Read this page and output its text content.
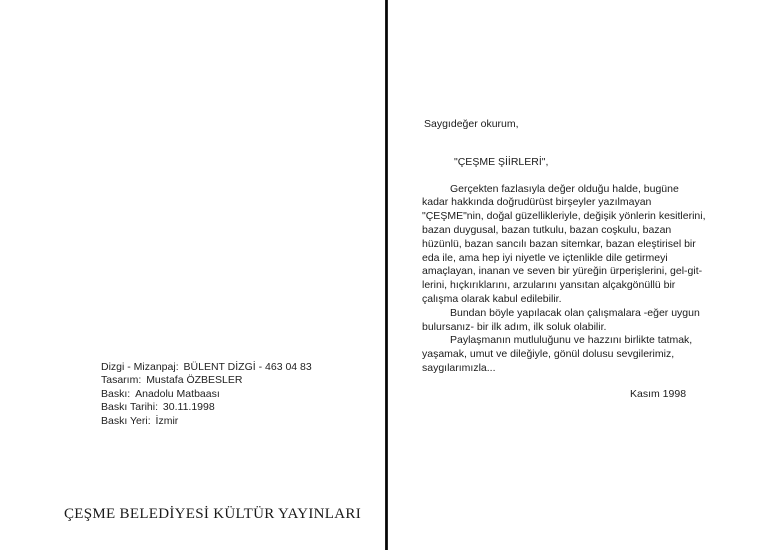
Dizgi - Mizanpaj: BÜLENT DİZGİ - 463 04 83
Tasarım: Mustafa ÖZBESLER
Baskı: Anadolu Matbaası
Baskı Tarihi: 30.11.1998
Baskı Yeri: İzmir
ÇEŞME BELEDİYESİ KÜLTÜR YAYINLARI
Saygıdeğer okurum,
"ÇEŞME ŞİİRLERİ",
Gerçekten fazlasıyla değer olduğu halde, bugüne
kadar hakkında doğrudürüst birşeyler yazılmayan
"ÇEŞME"nin, doğal güzellikleriyle, değişik yönlerin kesitlerini,
bazan duygusal, bazan tutkulu, bazan coşkulu, bazan
hüzünlü, bazan sancılı bazan sitemkar, bazan eleştirisel bir
eda ile, ama hep iyi niyetle ve içtenlikle dile getirmeyi
amaçlayan, inanan ve seven bir yüreğin ürperişlerini, gel-git-
lerini, hıçkırıklarını, arzularını yansıtan alçakgönüllü bir
çalışma olarak kabul edilebilir.
Bundan böyle yapılacak olan çalışmalara -eğer uygun
bulursanız- bir ilk adım, ilk soluk olabilir.
Paylaşmanın mutluluğunu ve hazzını birlikte tatmak,
yaşamak, umut ve dileğiyle, gönül dolusu sevgilerimiz,
saygılarımızla...
Kasım 1998
